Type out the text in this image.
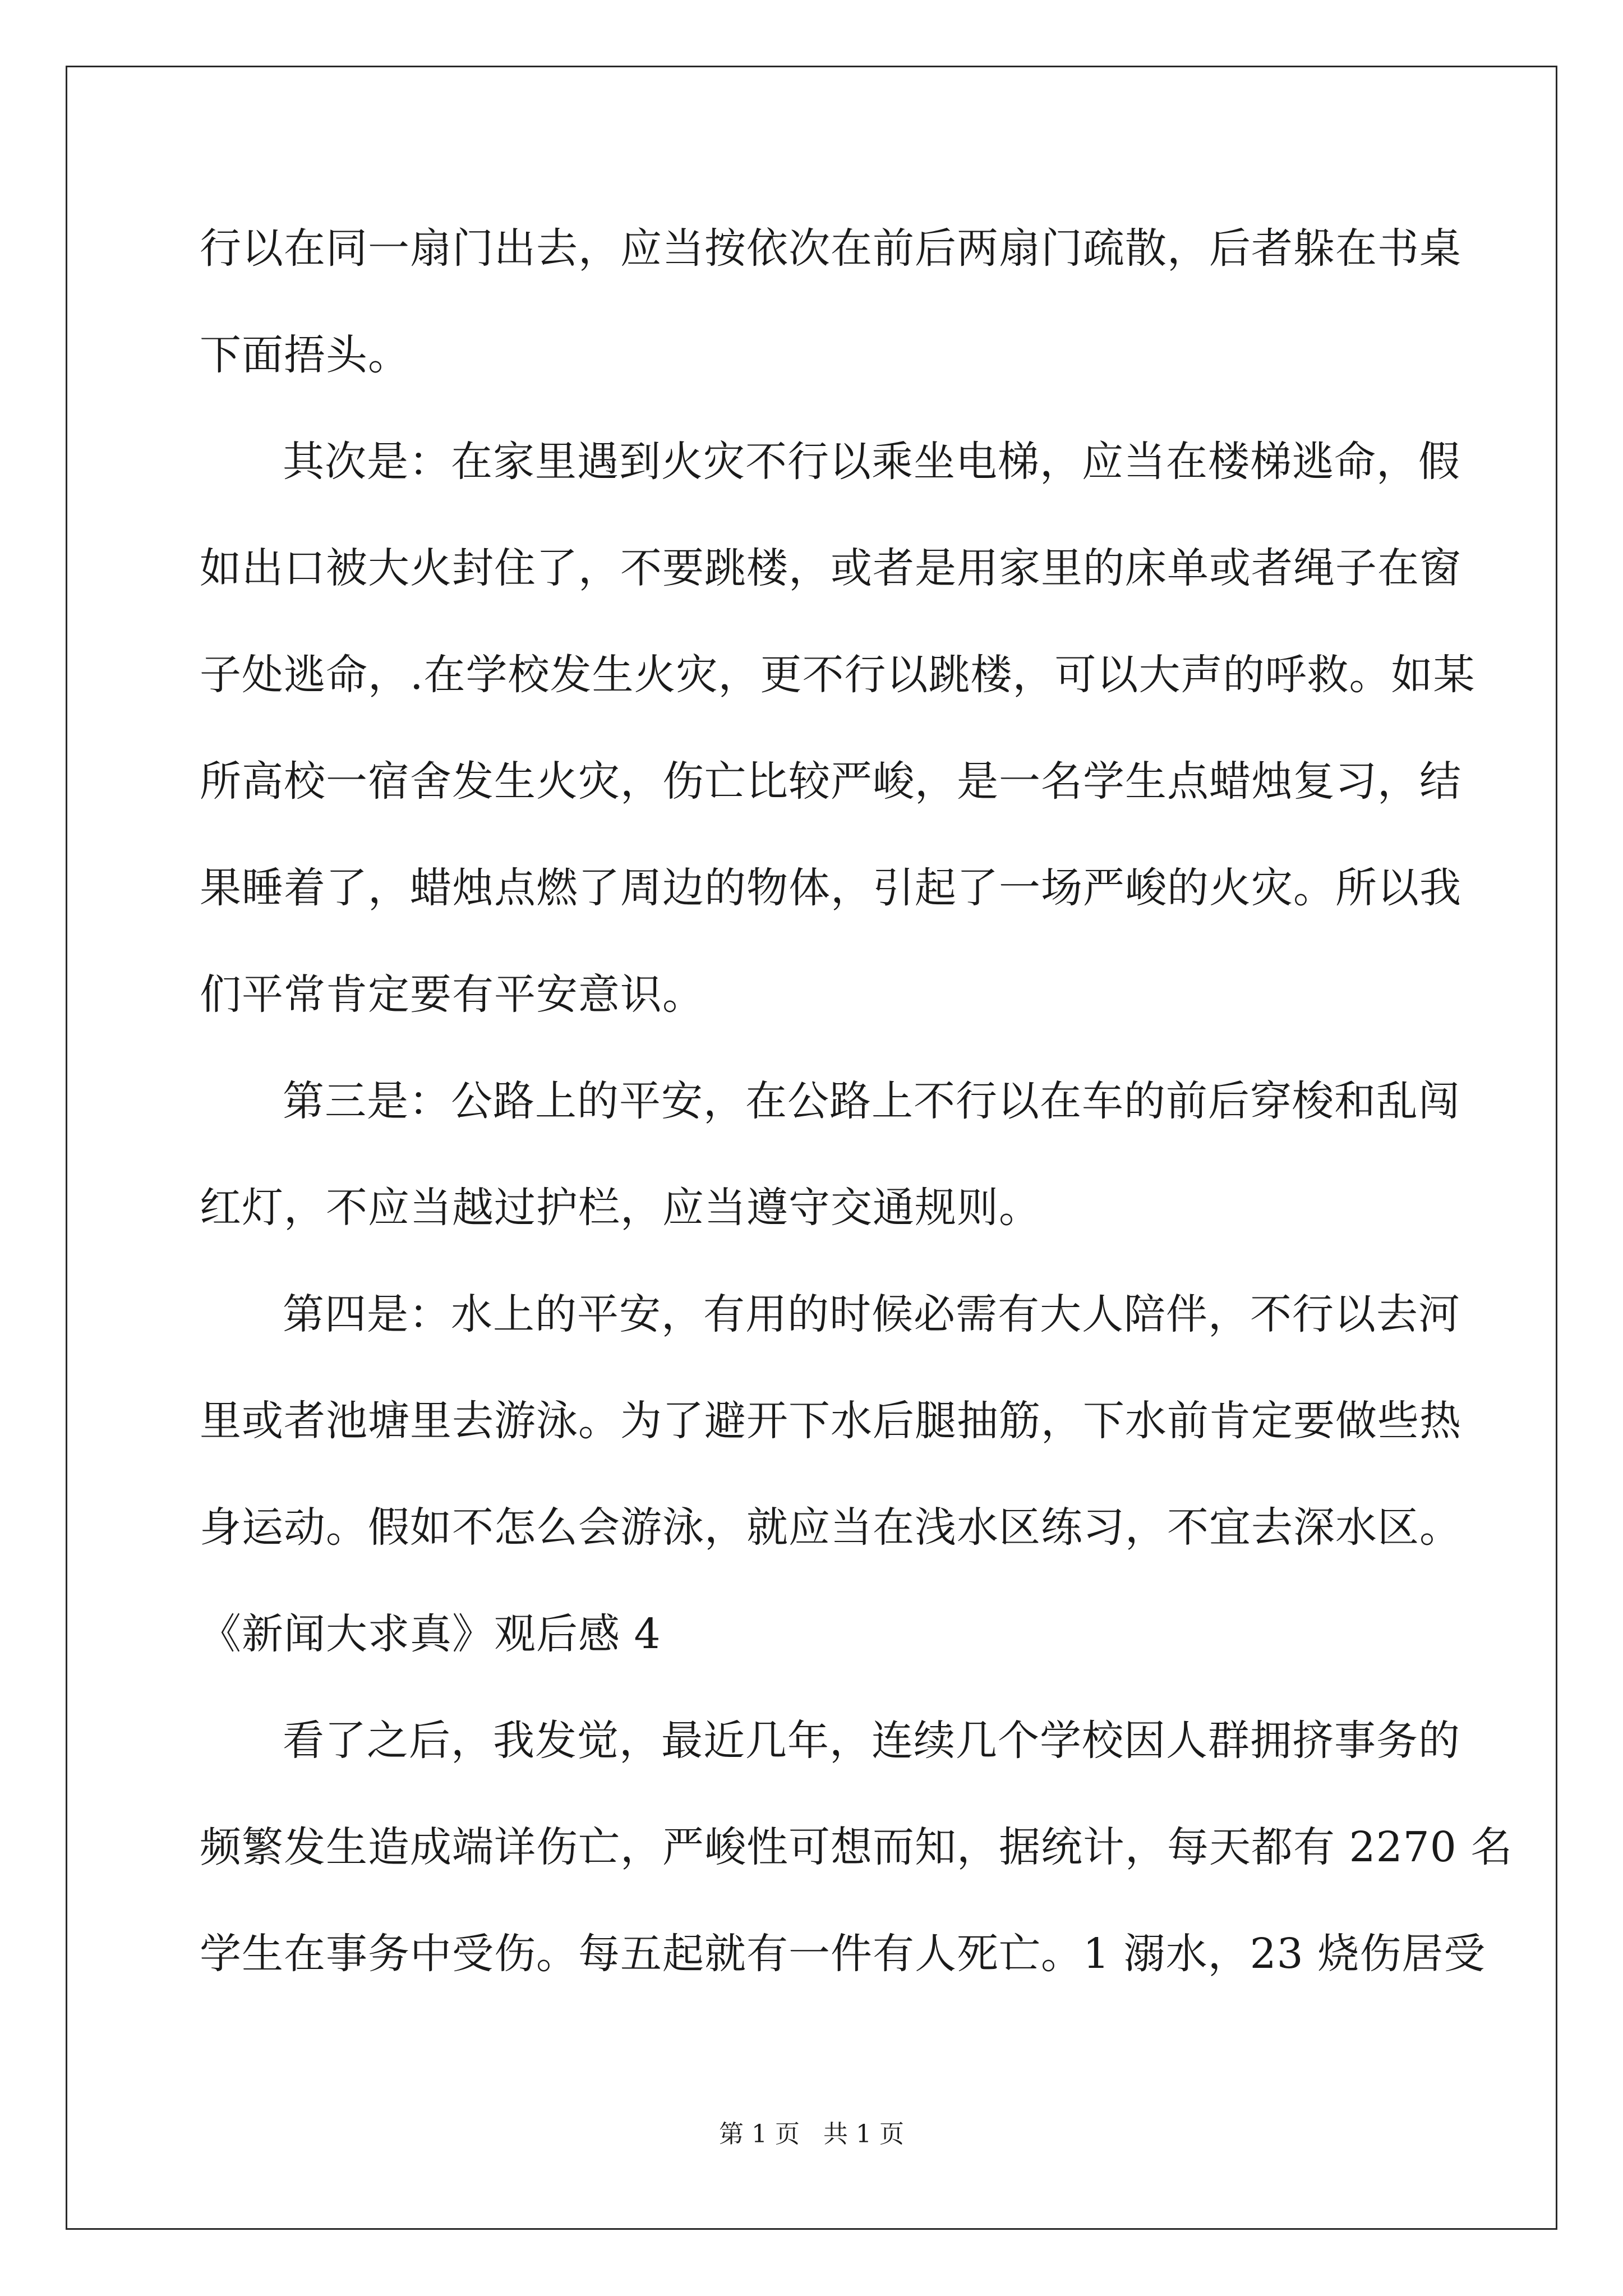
行以在同一扇门出去，应当按依次在前后两扇门疏散，后者躲在书桌
下面捂头。
其次是：在家里遇到火灾不行以乘坐电梯，应当在楼梯逃命，假
如出口被大火封住了，不要跳楼，或者是用家里的床单或者绳子在窗
子处逃命，.在学校发生火灾，更不行以跳楼，可以大声的呼救。如某
所高校一宿舍发生火灾，伤亡比较严峻，是一名学生点蜡烛复习，结
果睡着了，蜡烛点燃了周边的物体，引起了一场严峻的火灾。所以我
们平常肯定要有平安意识。
第三是：公路上的平安，在公路上不行以在车的前后穿梭和乱闯
红灯，不应当越过护栏，应当遵守交通规则。
第四是：水上的平安，有用的时候必需有大人陪伴，不行以去河
里或者池塘里去游泳。为了避开下水后腿抽筋，下水前肯定要做些热
身运动。假如不怎么会游泳，就应当在浅水区练习，不宜去深水区。
《新闻大求真》观后感 4
看了之后，我发觉，最近几年，连续几个学校因人群拥挤事务的
频繁发生造成端详伤亡，严峻性可想而知，据统计，每天都有 2270 名
学生在事务中受伤。每五起就有一件有人死亡。1 溺水，23 烧伤居受
第 1 页   共 1 页
